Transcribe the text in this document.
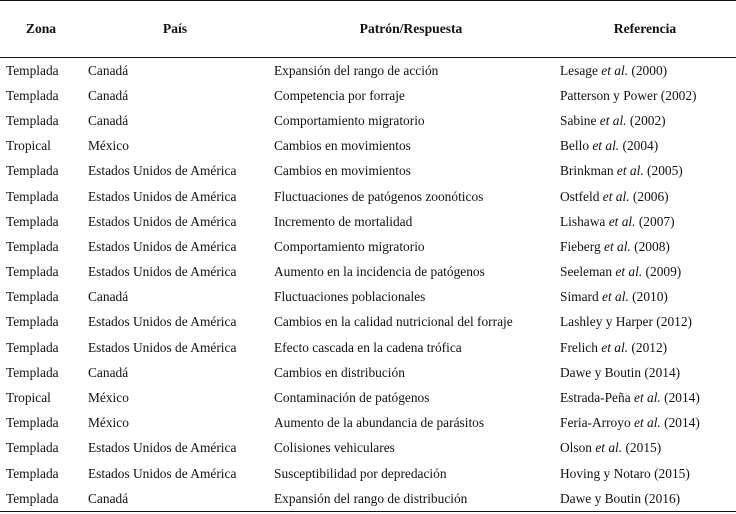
Zona	País	Patrón/Respuesta	Referencia
Templada	Canadá	Expansión del rango de acción	Lesage et al. (2000)
Templada	Canadá	Competencia por forraje	Patterson y Power (2002)
Templada	Canadá	Comportamiento migratorio	Sabine et al. (2002)
Tropical	México	Cambios en movimientos	Bello et al. (2004)
Templada	Estados Unidos de América	Cambios en movimientos	Brinkman et al. (2005)
Templada	Estados Unidos de América	Fluctuaciones de patógenos zoonóticos	Ostfeld et al. (2006)
Templada	Estados Unidos de América	Incremento de mortalidad	Lishawa et al. (2007)
Templada	Estados Unidos de América	Comportamiento migratorio	Fieberg et al. (2008)
Templada	Estados Unidos de América	Aumento en la incidencia de patógenos	Seeleman et al. (2009)
Templada	Canadá	Fluctuaciones poblacionales	Simard et al. (2010)
Templada	Estados Unidos de América	Cambios en la calidad nutricional del forraje	Lashley y Harper (2012)
Templada	Estados Unidos de América	Efecto cascada en la cadena trófica	Frelich et al. (2012)
Templada	Canadá	Cambios en distribución	Dawe y Boutin (2014)
Tropical	México	Contaminación de patógenos	Estrada-Peña et al. (2014)
Templada	México	Aumento de la abundancia de parásitos	Feria-Arroyo et al. (2014)
Templada	Estados Unidos de América	Colisiones vehiculares	Olson et al. (2015)
Templada	Estados Unidos de América	Susceptibilidad por depredación	Hoving y Notaro (2015)
Templada	Canadá	Expansión del rango de distribución	Dawe y Boutin (2016)
